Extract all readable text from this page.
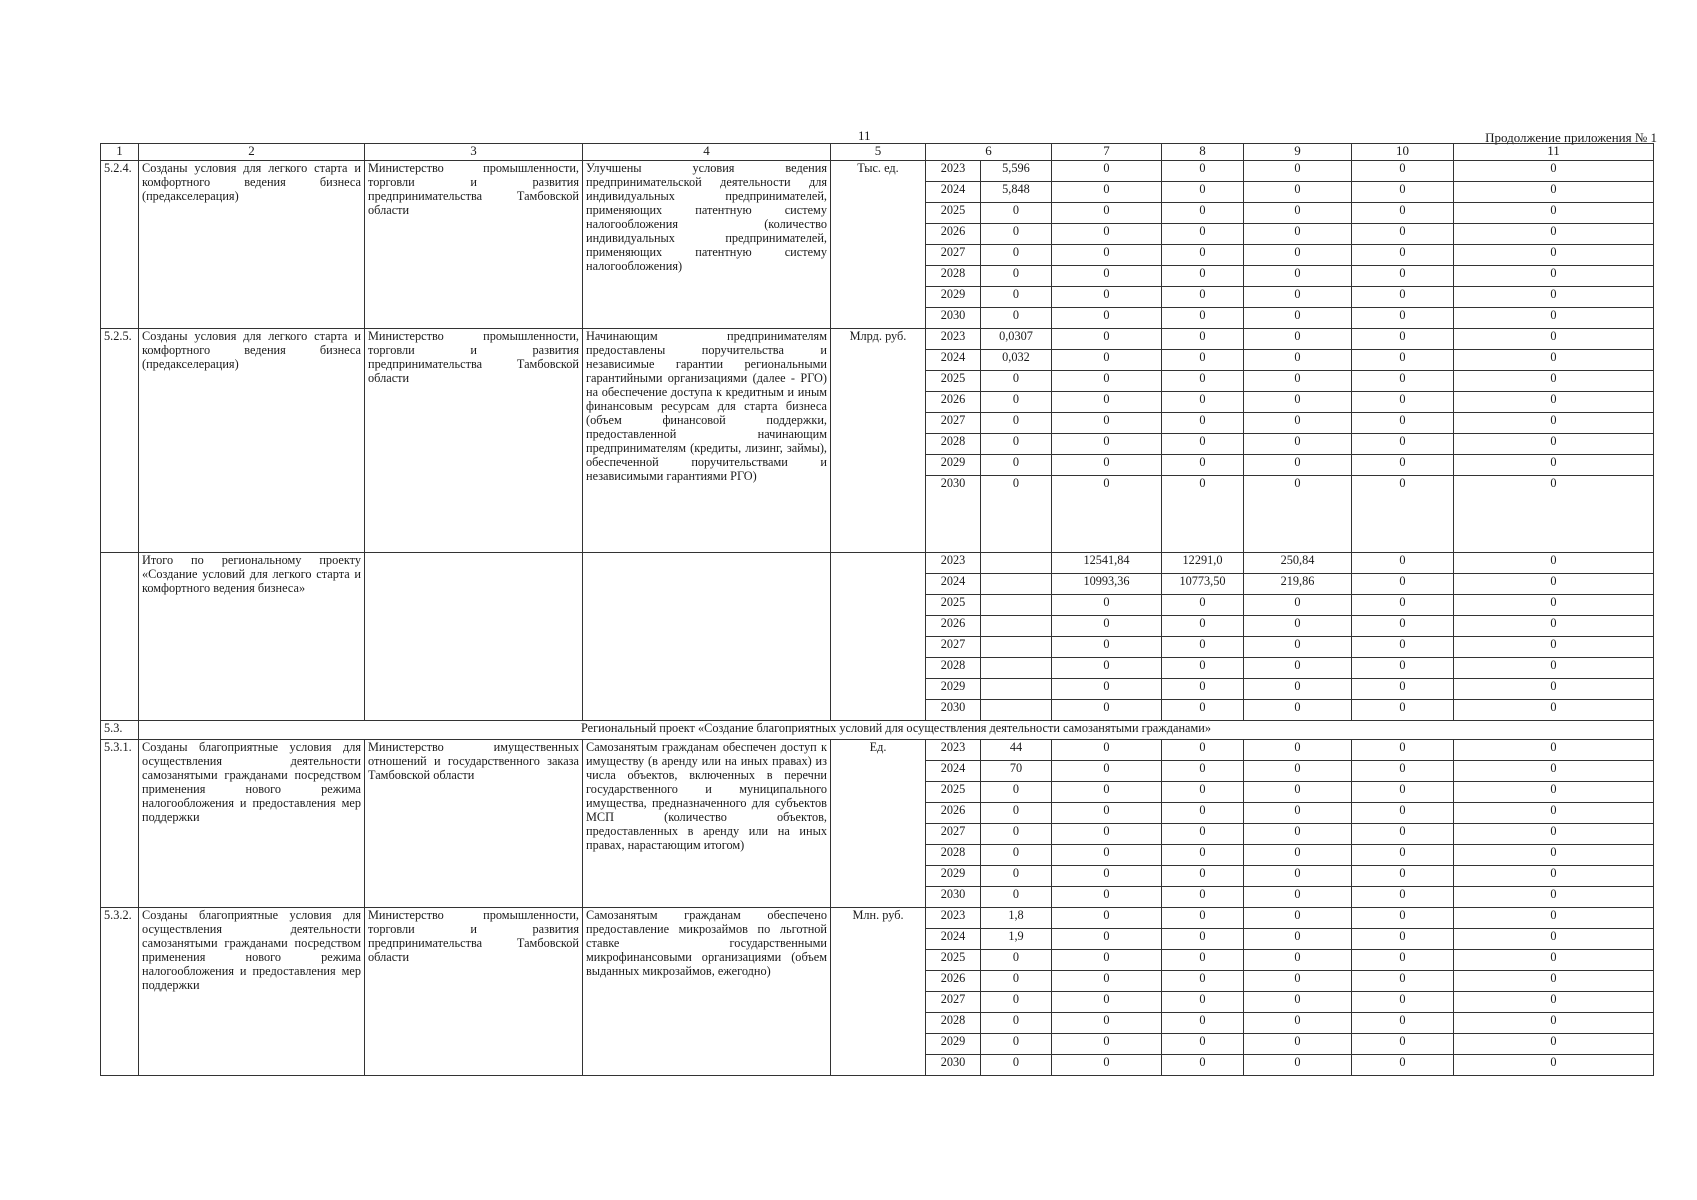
11	Продолжение приложения № 1
1	2	3	4	5	6		7	8	9	10	11
5.2.4.	Созданы условия для легкого старта и комфортного ведения бизнеса (предакселерация)	Министерство промышленности, торговли и развития предпринимательства Тамбовской области	Улучшены условия ведения предпринимательской деятельности для индивидуальных предпринимателей, применяющих патентную систему налогообложения (количество индивидуальных предпринимателей, применяющих патентную систему налогообложения)	Тыс. ед.	2023	5,596	0	0	0	0	0
					2024	5,848	0	0	0	0	0
					2025	0	0	0	0	0	0
					2026	0	0	0	0	0	0
					2027	0	0	0	0	0	0
					2028	0	0	0	0	0	0
					2029	0	0	0	0	0	0
					2030	0	0	0	0	0	0
5.2.5.	Созданы условия для легкого старта и комфортного ведения бизнеса (предакселерация)	Министерство промышленности, торговли и развития предпринимательства Тамбовской области	Начинающим предпринимателям предоставлены поручительства и независимые гарантии региональными гарантийными организациями (далее - РГО) на обеспечение доступа к кредитным и иным финансовым ресурсам для старта бизнеса (объем финансовой поддержки, предоставленной начинающим предпринимателям (кредиты, лизинг, займы), обеспеченной поручительствами и независимыми гарантиями РГО)	Млрд. руб.	2023	0,0307	0	0	0	0	0
					2024	0,032	0	0	0	0	0
					2025	0	0	0	0	0	0
					2026	0	0	0	0	0	0
					2027	0	0	0	0	0	0
					2028	0	0	0	0	0	0
					2029	0	0	0	0	0	0
					2030	0	0	0	0	0	0
	Итого по региональному проекту «Создание условий для легкого старта и комфортного ведения бизнеса»				2023		12541,84	12291,0	250,84	0	0
					2024		10993,36	10773,50	219,86	0	0
					2025		0	0	0	0	0
					2026		0	0	0	0	0
					2027		0	0	0	0	0
					2028		0	0	0	0	0
					2029		0	0	0	0	0
					2030		0	0	0	0	0
5.3.	Региональный проект «Создание благоприятных условий для осуществления деятельности самозанятыми гражданами»										
5.3.1.	Созданы благоприятные условия для осуществления деятельности самозанятыми гражданами посредством применения нового режима налогообложения и предоставления мер поддержки	Министерство имущественных отношений и государственного заказа Тамбовской области	Самозанятым гражданам обеспечен доступ к имуществу (в аренду или на иных правах) из числа объектов, включенных в перечни государственного и муниципального имущества, предназначенного для субъектов МСП (количество объектов, предоставленных в аренду или на иных правах, нарастающим итогом)	Ед.	2023	44	0	0	0	0	0
					2024	70	0	0	0	0	0
					2025	0	0	0	0	0	0
					2026	0	0	0	0	0	0
					2027	0	0	0	0	0	0
					2028	0	0	0	0	0	0
					2029	0	0	0	0	0	0
					2030	0	0	0	0	0	0
5.3.2.	Созданы благоприятные условия для осуществления деятельности самозанятыми гражданами посредством применения нового режима налогообложения и предоставления мер поддержки	Министерство промышленности, торговли и развития предпринимательства Тамбовской области	Самозанятым гражданам обеспечено предоставление микрозаймов по льготной ставке государственными микрофинансовыми организациями (объем выданных микрозаймов, ежегодно)	Млн. руб.	2023	1,8	0	0	0	0	0
					2024	1,9	0	0	0	0	0
					2025	0	0	0	0	0	0
					2026	0	0	0	0	0	0
					2027	0	0	0	0	0	0
					2028	0	0	0	0	0	0
					2029	0	0	0	0	0	0
					2030	0	0	0	0	0	0
